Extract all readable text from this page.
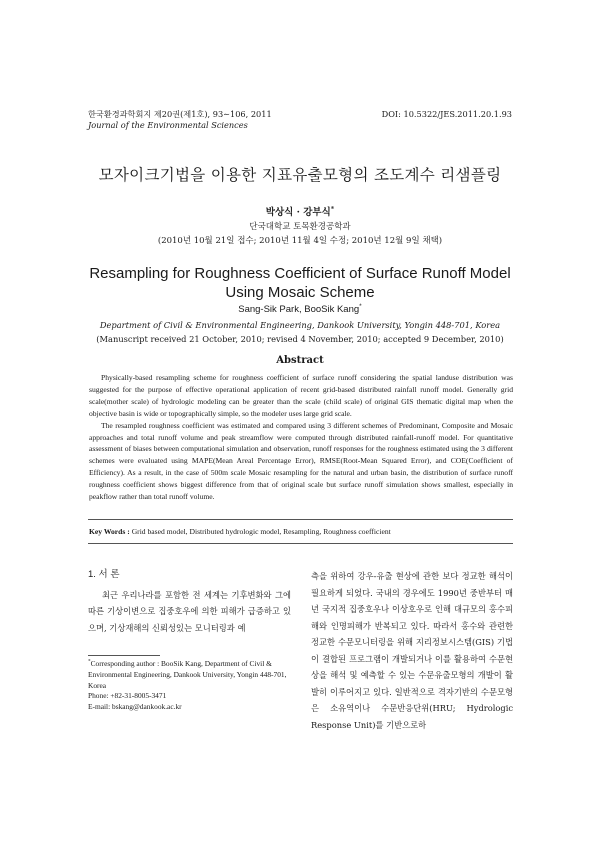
한국환경과학회지 제20권(제1호), 93∼106, 2011
Journal of the Environmental Sciences
DOI: 10.5322/JES.2011.20.1.93
모자이크기법을 이용한 지표유출모형의 조도계수 리샘플링
박상식 · 강부식*
단국대학교 토목환경공학과
(2010년 10월 21일 접수; 2010년 11월 4일 수정; 2010년 12월 9일 채택)
Resampling for Roughness Coefficient of Surface Runoff Model
Using Mosaic Scheme
Sang-Sik Park, BooSik Kang*
Department of Civil & Environmental Engineering, Dankook University, Yongin 448-701, Korea
(Manuscript received 21 October, 2010; revised 4 November, 2010; accepted 9 December, 2010)
Abstract

Physically-based resampling scheme for roughness coefficient of surface runoff considering the spatial landuse distribution was suggested for the purpose of effective operational application of recent grid-based distributed rainfall runoff model. Generally grid scale(mother scale) of hydrologic modeling can be greater than the scale (child scale) of original GIS thematic digital map when the objective basin is wide or topographically simple, so the modeler uses large grid scale.

The resampled roughness coefficient was estimated and compared using 3 different schemes of Predominant, Composite and Mosaic approaches and total runoff volume and peak streamflow were computed through distributed rainfall-runoff model. For quantitative assessment of biases between computational simulation and observation, runoff responses for the roughness estimated using the 3 different schemes were evaluated using MAPE(Mean Areal Percentage Error), RMSE(Root-Mean Squared Error), and COE(Coefficient of Efficiency). As a result, in the case of 500m scale Mosaic resampling for the natural and urban basin, the distribution of surface runoff roughness coefficient shows biggest difference from that of original scale but surface runoff simulation shows smallest, especially in peakflow rather than total runoff volume.

Key Words : Grid based model, Distributed hydrologic model, Resampling, Roughness coefficient
1. 서 론

최근 우리나라를 포함한 전 세계는 기후변화와 그에 따른 기상이변으로 집중호우에 의한 피해가 급증하고 있으며, 기상재해의 신뢰성있는 모니터링과 예

*Corresponding author : BooSik Kang, Department of Civil & Environmental Engineering, Dankook University, Yongin 448-701, Korea

Phone: +82-31-8005-3471

E-mail: bskang@dankook.ac.kr

측을 위하여 강우-유출 현상에 관한 보다 정교한 해석이 필요하게 되었다. 국내의 경우에도 1990년 중반부터 매년 국지적 집중호우나 이상호우로 인해 대규모의 홍수피해와 인명피해가 반복되고 있다. 따라서 홍수와 관련한 정교한 수문모니터링을 위해 지리정보시스템(GIS) 기법이 결합된 프로그램이 개발되거나 이를 활용하여 수문현상을 해석 및 예측할 수 있는 수문유출모형의 개발이 활발히 이루어지고 있다. 일반적으로 격자기반의 수문모형은 소유역이나 수문반응단위(HRU; Hydrologic Response Unit)를 기반으로하
